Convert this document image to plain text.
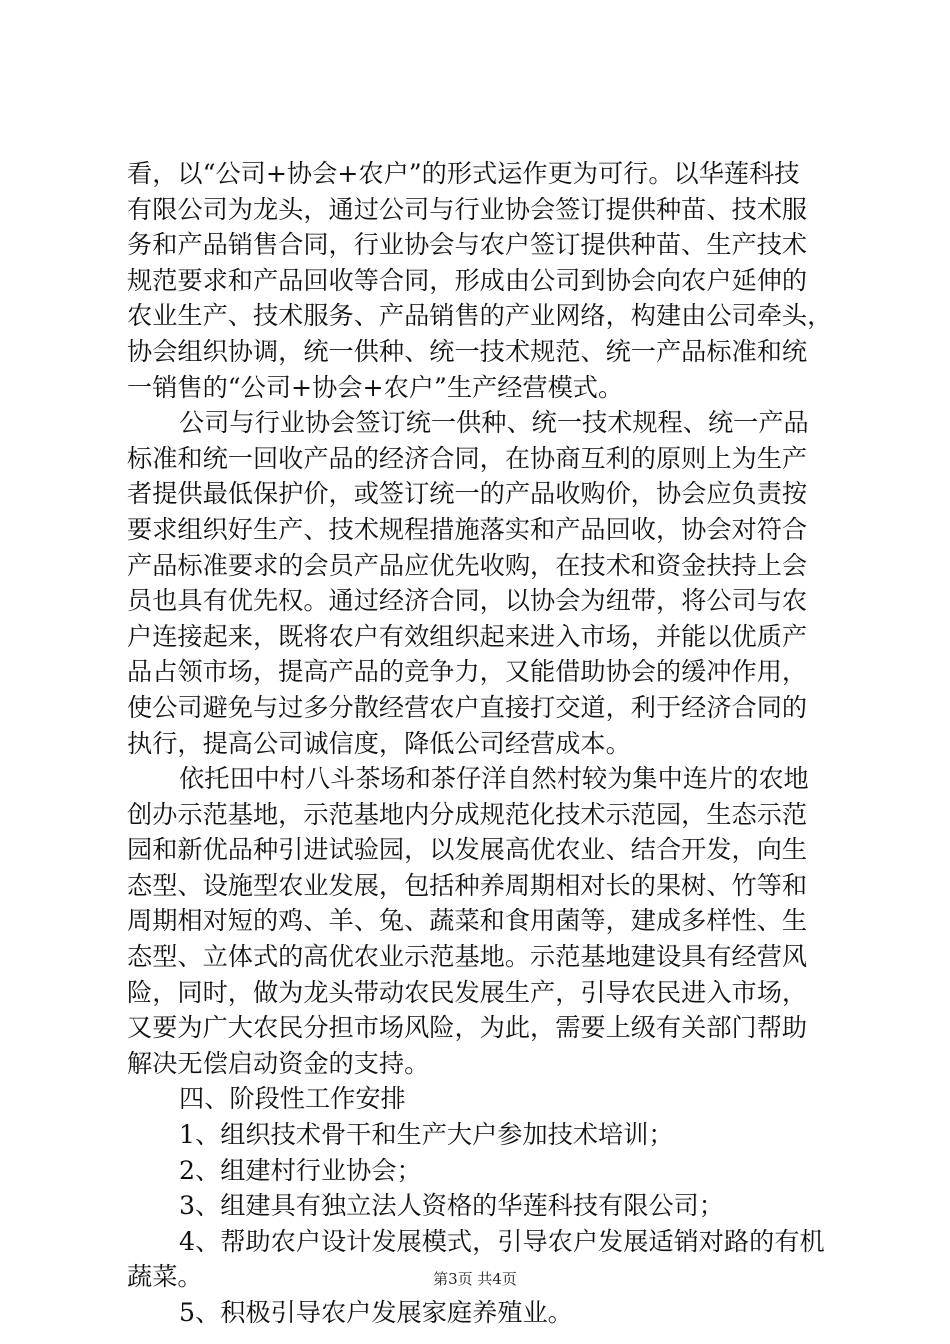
看，以“公司+协会+农户”的形式运作更为可行。以华莲科技
有限公司为龙头，通过公司与行业协会签订提供种苗、技术服
务和产品销售合同，行业协会与农户签订提供种苗、生产技术
规范要求和产品回收等合同，形成由公司到协会向农户延伸的
农业生产、技术服务、产品销售的产业网络，构建由公司牵头，
协会组织协调，统一供种、统一技术规范、统一产品标准和统
一销售的“公司+协会+农户”生产经营模式。
公司与行业协会签订统一供种、统一技术规程、统一产品
标准和统一回收产品的经济合同，在协商互利的原则上为生产
者提供最低保护价，或签订统一的产品收购价，协会应负责按
要求组织好生产、技术规程措施落实和产品回收，协会对符合
产品标准要求的会员产品应优先收购，在技术和资金扶持上会
员也具有优先权。通过经济合同，以协会为纽带，将公司与农
户连接起来，既将农户有效组织起来进入市场，并能以优质产
品占领市场，提高产品的竞争力，又能借助协会的缓冲作用，
使公司避免与过多分散经营农户直接打交道，利于经济合同的
执行，提高公司诚信度，降低公司经营成本。
依托田中村八斗茶场和茶仔洋自然村较为集中连片的农地
创办示范基地，示范基地内分成规范化技术示范园，生态示范
园和新优品种引进试验园，以发展高优农业、结合开发，向生
态型、设施型农业发展，包括种养周期相对长的果树、竹等和
周期相对短的鸡、羊、兔、蔬菜和食用菌等，建成多样性、生
态型、立体式的高优农业示范基地。示范基地建设具有经营风
险，同时，做为龙头带动农民发展生产，引导农民进入市场，
又要为广大农民分担市场风险，为此，需要上级有关部门帮助
解决无偿启动资金的支持。
四、阶段性工作安排
1、组织技术骨干和生产大户参加技术培训；
2、组建村行业协会；
3、组建具有独立法人资格的华莲科技有限公司；
4、帮助农户设计发展模式，引导农户发展适销对路的有机
蔬菜。
5、积极引导农户发展家庭养殖业。
第3页 共4页
